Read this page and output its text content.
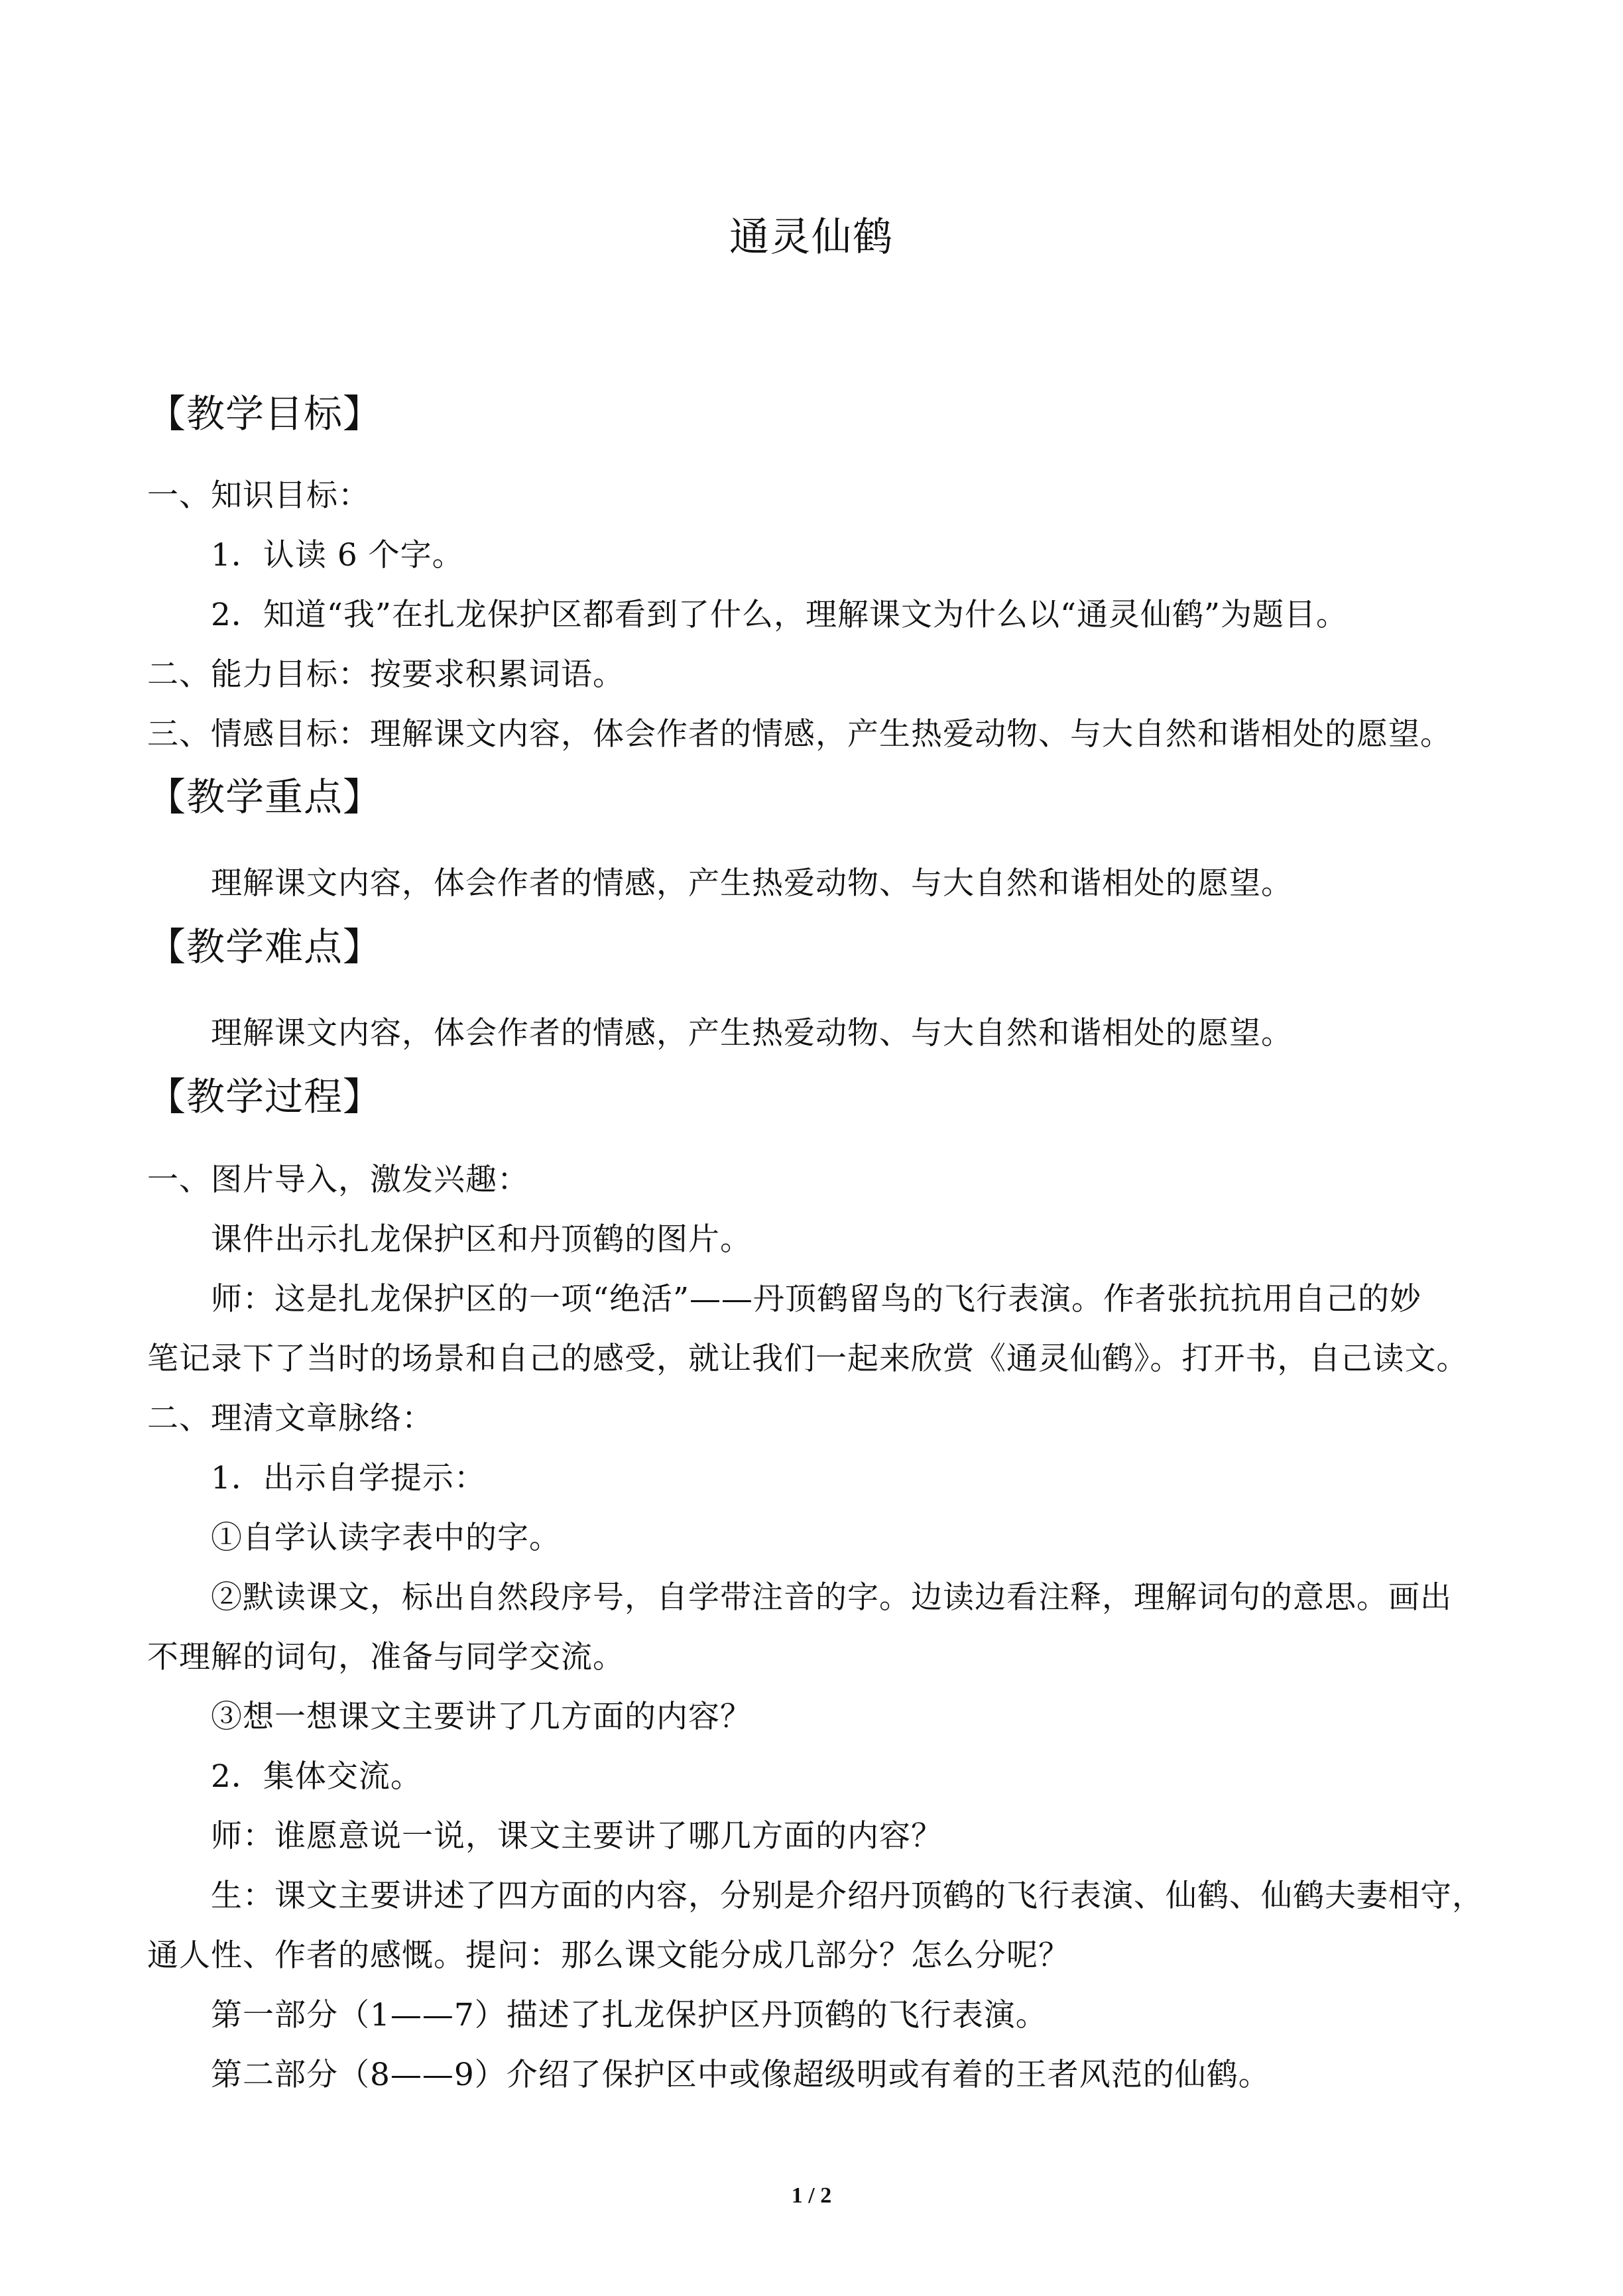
通灵仙鹤
【教学目标】
一、知识目标：
1．认读 6 个字。
2．知道“我”在扎龙保护区都看到了什么，理解课文为什么以“通灵仙鹤”为题目。
二、能力目标：按要求积累词语。
三、情感目标：理解课文内容，体会作者的情感，产生热爱动物、与大自然和谐相处的愿望。
【教学重点】
理解课文内容，体会作者的情感，产生热爱动物、与大自然和谐相处的愿望。
【教学难点】
理解课文内容，体会作者的情感，产生热爱动物、与大自然和谐相处的愿望。
【教学过程】
一、图片导入，激发兴趣：
课件出示扎龙保护区和丹顶鹤的图片。
师：这是扎龙保护区的一项“绝活”——丹顶鹤留鸟的飞行表演。作者张抗抗用自己的妙
笔记录下了当时的场景和自己的感受，就让我们一起来欣赏《通灵仙鹤》。打开书，自己读文。
二、理清文章脉络：
1．出示自学提示：
①自学认读字表中的字。
②默读课文，标出自然段序号，自学带注音的字。边读边看注释，理解词句的意思。画出
不理解的词句，准备与同学交流。
③想一想课文主要讲了几方面的内容？
2．集体交流。
师：谁愿意说一说，课文主要讲了哪几方面的内容？
生：课文主要讲述了四方面的内容，分别是介绍丹顶鹤的飞行表演、仙鹤、仙鹤夫妻相守，
通人性、作者的感慨。提问：那么课文能分成几部分？怎么分呢？
第一部分（1——7）描述了扎龙保护区丹顶鹤的飞行表演。
第二部分（8——9）介绍了保护区中或像超级明或有着的王者风范的仙鹤。
1 / 2
